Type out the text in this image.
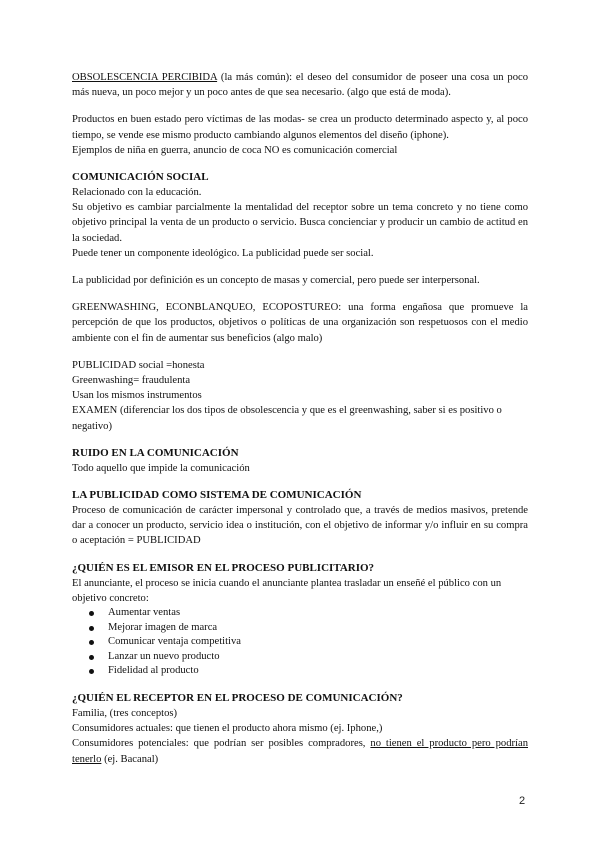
OBSOLESCENCIA PERCIBIDA (la más común): el deseo del consumidor de poseer una cosa un poco más nueva, un poco mejor y un poco antes de que sea necesario. (algo que está de moda).

Productos en buen estado pero víctimas de las modas- se crea un producto determinado aspecto y, al poco tiempo, se vende ese mismo producto cambiando algunos elementos del diseño (iphone).

Ejemplos de niña en guerra, anuncio de coca NO es comunicación comercial

COMUNICACIÓN SOCIAL

Relacionado con la educación.

Su objetivo es cambiar parcialmente la mentalidad del receptor sobre un tema concreto y no tiene como objetivo principal la venta de un producto o servicio. Busca concienciar y producir un cambio de actitud en la sociedad.

Puede tener un componente ideológico. La publicidad puede ser social.

La publicidad por definición es un concepto de masas y comercial, pero puede ser interpersonal.

GREENWASHING, ECONBLANQUEO, ECOPOSTUREO: una forma engañosa que promueve la percepción de que los productos, objetivos o políticas de una organización son respetuosos con el medio ambiente con el fin de aumentar sus beneficios (algo malo)

PUBLICIDAD social =honesta

Greenwashing= fraudulenta

Usan los mismos instrumentos

EXAMEN (diferenciar los dos tipos de obsolescencia y que es el greenwashing, saber si es positivo o negativo)

RUIDO EN LA COMUNICACIÓN

Todo aquello que impide la comunicación

LA PUBLICIDAD COMO SISTEMA DE COMUNICACIÓN

Proceso de comunicación de carácter impersonal y controlado que, a través de medios masivos, pretende dar a conocer un producto, servicio idea o institución, con el objetivo de informar y/o influir en su compra o aceptación = PUBLICIDAD

¿QUIÉN ES EL EMISOR EN EL PROCESO PUBLICITARIO?

El anunciante, el proceso se inicia cuando el anunciante plantea trasladar un enseñé el público con un objetivo concreto:

Aumentar ventas
Mejorar imagen de marca
Comunicar ventaja competitiva
Lanzar un nuevo producto
Fidelidad al producto
¿QUIÉN EL RECEPTOR EN EL PROCESO DE COMUNICACIÓN?

Familia, (tres conceptos)

Consumidores actuales: que tienen el producto ahora mismo (ej. Iphone,)

Consumidores potenciales: que podrían ser posibles compradores, no tienen el producto pero podrían tenerlo (ej. Bacanal)

2
